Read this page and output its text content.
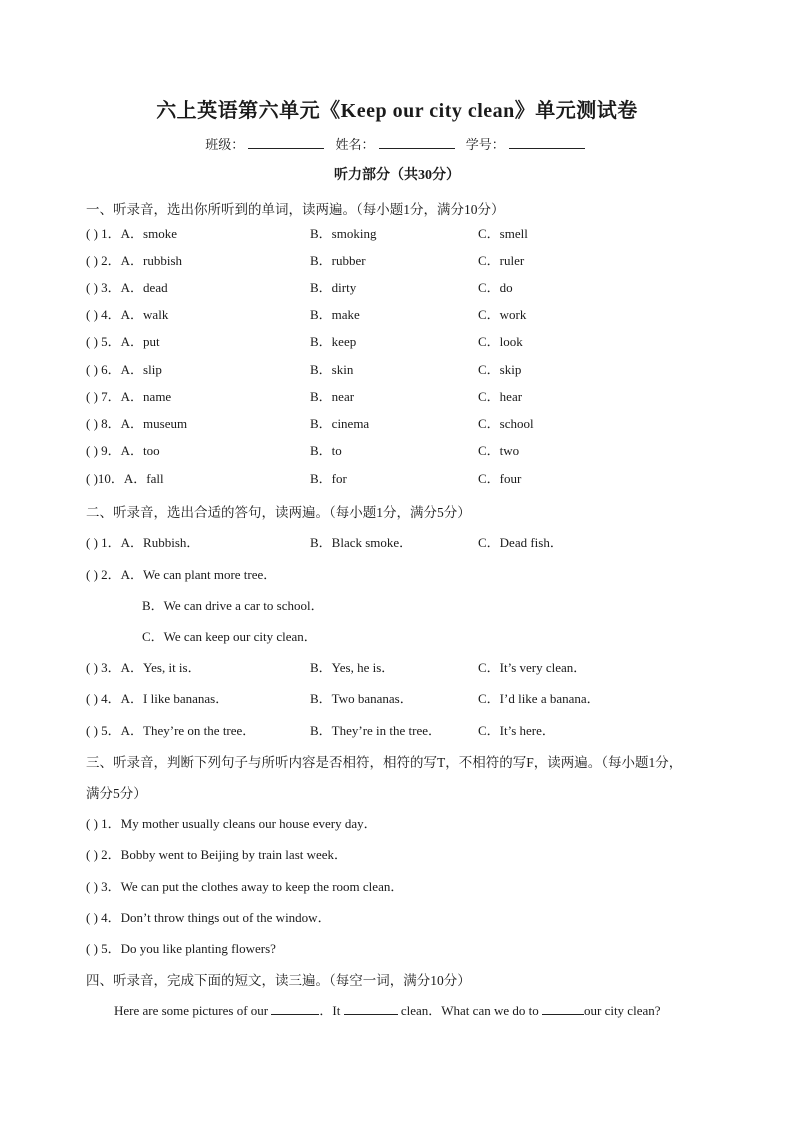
六上英语第六单元《Keep our city clean》单元测试卷
班级：	姓名：	学号：
听力部分（共30分）
一、听录音，选出你所听到的单词，读两遍。（每小题1分，满分10分）
( ) 1．A．smoke	B．smoking	C．smell
( ) 2．A．rubbish	B．rubber	C．ruler
( ) 3．A．dead	B．dirty	C．do
( ) 4．A．walk	B．make	C．work
( ) 5．A．put	B．keep	C．look
( ) 6．A．slip	B．skin	C．skip
( ) 7．A．name	B．near	C．hear
( ) 8．A．museum	B．cinema	C．school
( ) 9．A．too	B．to	C．two
( )10．A．fall	B．for	C．four
二、听录音，选出合适的答句，读两遍。（每小题1分，满分5分）
( ) 1．A．Rubbish．	B．Black smoke．	C．Dead fish．
( ) 2．A．We can plant more tree．
B．We can drive a car to school．
C．We can keep our city clean．
( ) 3．A．Yes, it is．	B．Yes, he is．	C．It’s very clean．
( ) 4．A．I like bananas．	B．Two bananas．	C．I’d like a banana．
( ) 5．A．They’re on the tree．	B．They’re in the tree．	C．It’s here．
三、听录音，判断下列句子与所听内容是否相符，相符的写T，不相符的写F，读两遍。（每小题1分，
满分5分）
( ) 1．My mother usually cleans our house every day．
( ) 2．Bobby went to Beijing by train last week．
( ) 3．We can put the clothes away to keep the room clean．
( ) 4．Don’t throw things out of the window．
( ) 5．Do you like planting flowers?
四、听录音，完成下面的短文，读三遍。（每空一词，满分10分）
Here are some pictures of our	．It	clean．What can we do to	our city clean?
